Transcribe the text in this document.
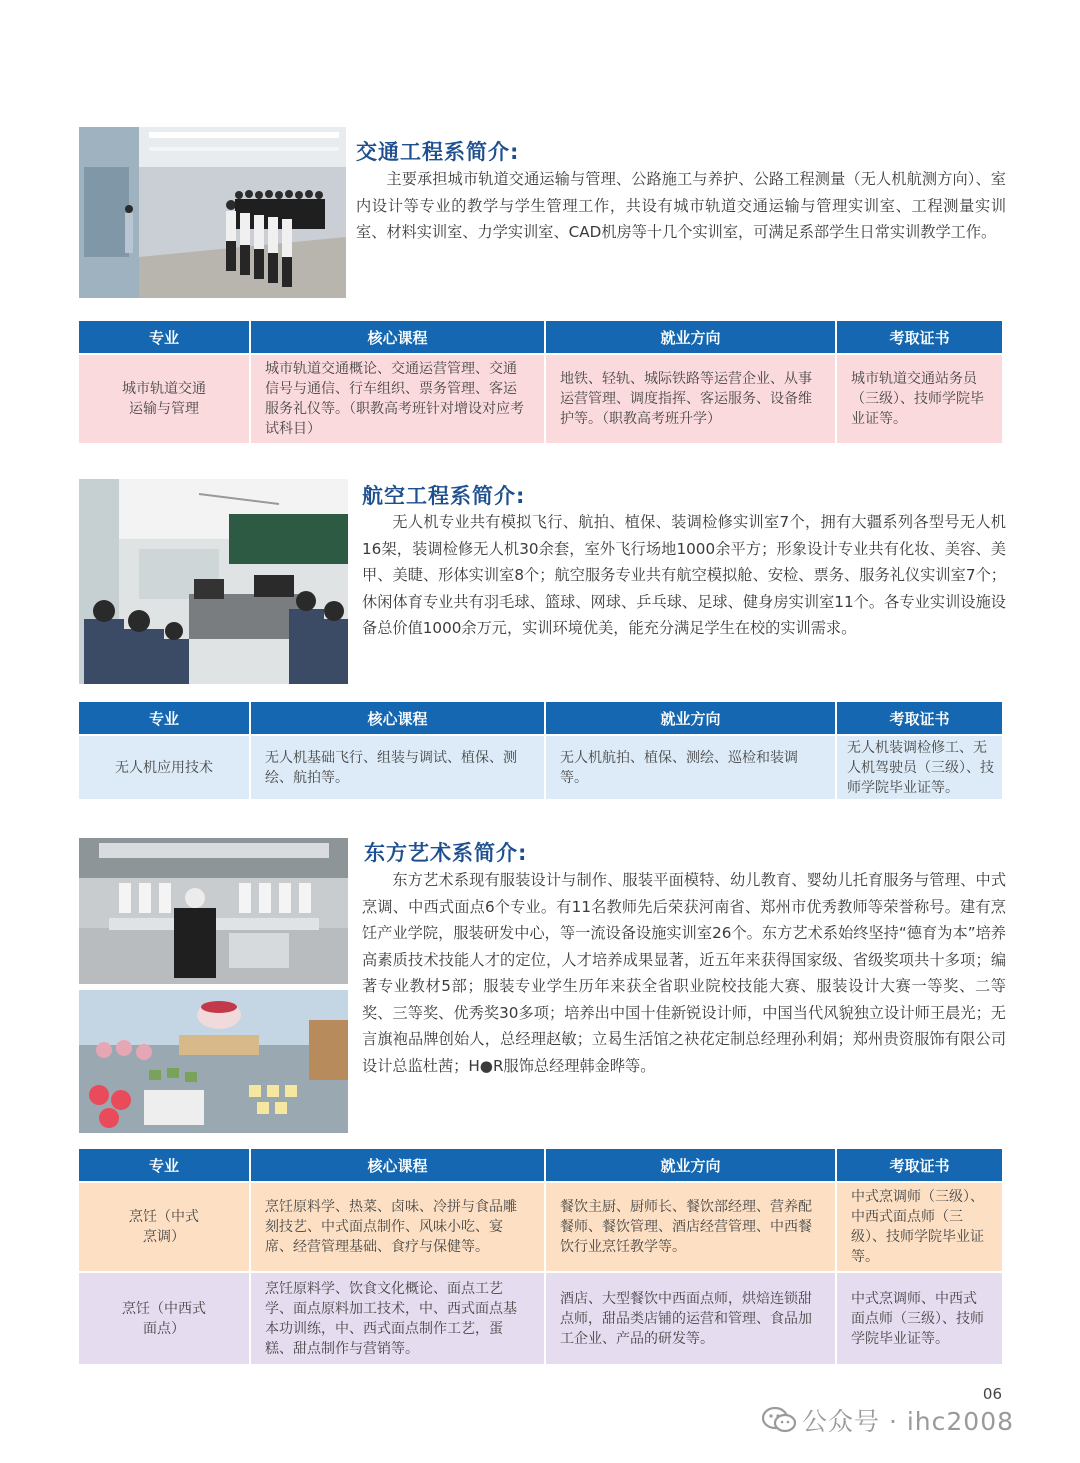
交通工程系简介:
主要承担城市轨道交通运输与管理、公路施工与养护、公路工程测量（无人机航测方向）、室内设计等专业的教学与学生管理工作，共设有城市轨道交通运输与管理实训室、工程测量实训室、材料实训室、力学实训室、CAD机房等十几个实训室，可满足系部学生日常实训教学工作。
专业	核心课程	就业方向	考取证书
城市轨道交通运输与管理	城市轨道交通概论、交通运营管理、交通信号与通信、行车组织、票务管理、客运服务礼仪等。（职教高考班针对增设对应考试科目）	地铁、轻轨、城际铁路等运营企业、从事运营管理、调度指挥、客运服务、设备维护等。（职教高考班升学）	城市轨道交通站务员（三级）、技师学院毕业证等。
航空工程系简介:
无人机专业共有模拟飞行、航拍、植保、装调检修实训室7个，拥有大疆系列各型号无人机16架，装调检修无人机30余套，室外飞行场地1000余平方；形象设计专业共有化妆、美容、美甲、美睫、形体实训室8个；航空服务专业共有航空模拟舱、安检、票务、服务礼仪实训室7个；休闲体育专业共有羽毛球、篮球、网球、乒乓球、足球、健身房实训室11个。各专业实训设施设备总价值1000余万元，实训环境优美，能充分满足学生在校的实训需求。
专业	核心课程	就业方向	考取证书
无人机应用技术	无人机基础飞行、组装与调试、植保、测绘、航拍等。	无人机航拍、植保、测绘、巡检和装调等。	无人机装调检修工、无人机驾驶员（三级）、技师学院毕业证等。
东方艺术系简介:
东方艺术系现有服装设计与制作、服装平面模特、幼儿教育、婴幼儿托育服务与管理、中式烹调、中西式面点6个专业。有11名教师先后荣获河南省、郑州市优秀教师等荣誉称号。建有烹饪产业学院，服装研发中心，等一流设备设施实训室26个。东方艺术系始终坚持“德育为本”培养高素质技术技能人才的定位，人才培养成果显著，近五年来获得国家级、省级奖项共十多项；编著专业教材5部；服装专业学生历年来获全省职业院校技能大赛、服装设计大赛一等奖、二等奖、三等奖、优秀奖30多项；培养出中国十佳新锐设计师，中国当代风貌独立设计师王晨光；无言旗袍品牌创始人，总经理赵敏；立曷生活馆之袂花定制总经理孙利娟；郑州贵资服饰有限公司设计总监杜茜；H●R服饰总经理韩金晔等。
专业	核心课程	就业方向	考取证书
烹饪（中式烹调）	烹饪原料学、热菜、卤味、冷拼与食品雕刻技艺、中式面点制作、风味小吃、宴席、经营管理基础、食疗与保健等。	餐饮主厨、厨师长、餐饮部经理、营养配餐师、餐饮管理、酒店经营管理、中西餐饮行业烹饪教学等。	中式烹调师（三级）、中西式面点师（三级）、技师学院毕业证等。
烹饪（中西式面点）	烹饪原料学、饮食文化概论、面点工艺学、面点原料加工技术，中、西式面点基本功训练，中、西式面点制作工艺，蛋糕、甜点制作与营销等。	酒店、大型餐饮中西面点师，烘焙连锁甜点师，甜品类店铺的运营和管理、食品加工企业、产品的研发等。	中式烹调师、中西式面点师（三级）、技师学院毕业证等。
06
公众号 · ihc2008
